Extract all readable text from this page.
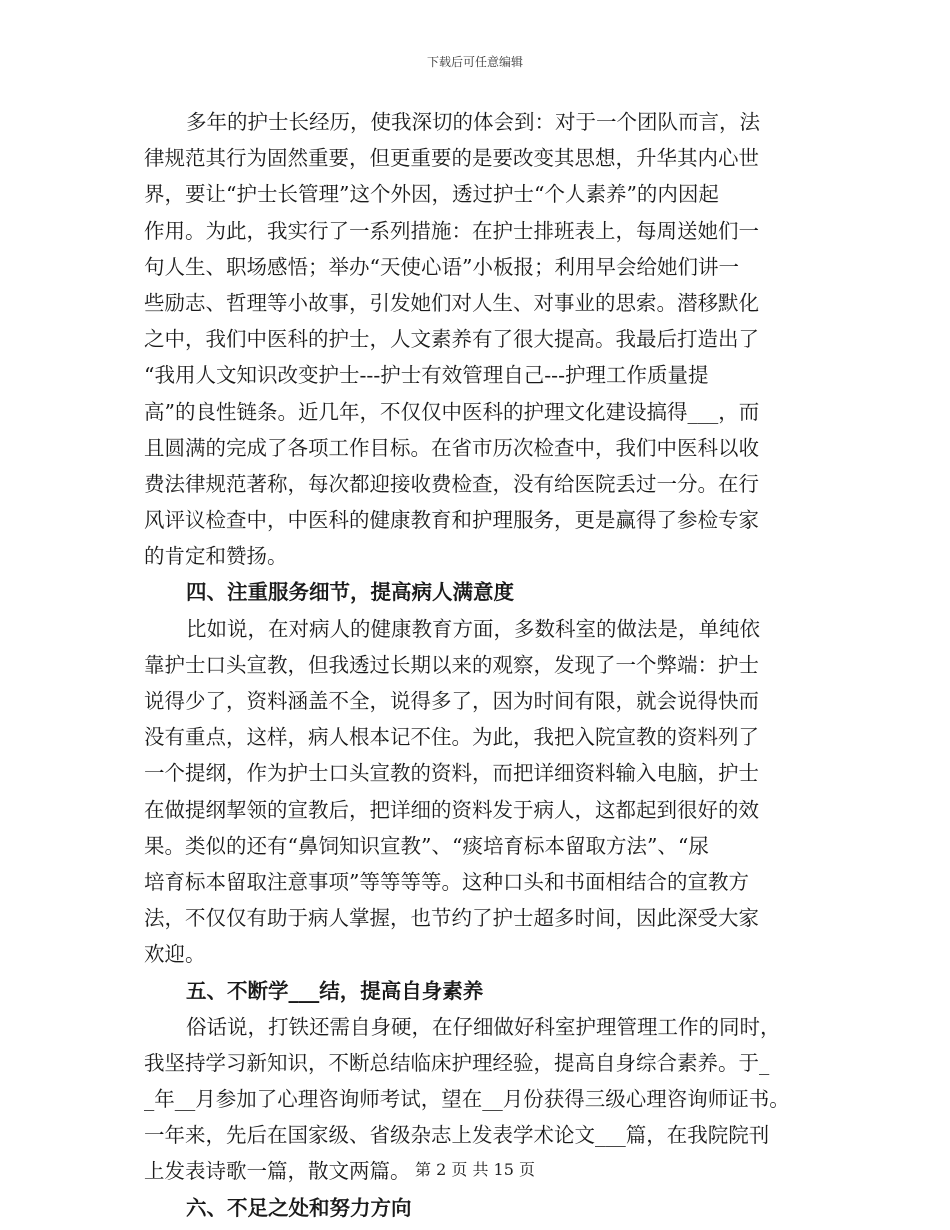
下载后可任意编辑
多年的护士长经历，使我深切的体会到：对于一个团队而言，法
律规范其行为固然重要，但更重要的是要改变其思想，升华其内心世
界，要让“护士长管理”这个外因，透过护士“个人素养”的内因起
作用。为此，我实行了一系列措施：在护士排班表上，每周送她们一
句人生、职场感悟；举办“天使心语”小板报；利用早会给她们讲一
些励志、哲理等小故事，引发她们对人生、对事业的思索。潜移默化
之中，我们中医科的护士，人文素养有了很大提高。我最后打造出了
“我用人文知识改变护士---护士有效管理自己---护理工作质量提
高”的良性链条。近几年，不仅仅中医科的护理文化建设搞得___，而
且圆满的完成了各项工作目标。在省市历次检查中，我们中医科以收
费法律规范著称，每次都迎接收费检查，没有给医院丢过一分。在行
风评议检查中，中医科的健康教育和护理服务，更是赢得了参检专家
的肯定和赞扬。
四、注重服务细节，提高病人满意度
比如说，在对病人的健康教育方面，多数科室的做法是，单纯依
靠护士口头宣教，但我透过长期以来的观察，发现了一个弊端：护士
说得少了，资料涵盖不全，说得多了，因为时间有限，就会说得快而
没有重点，这样，病人根本记不住。为此，我把入院宣教的资料列了
一个提纲，作为护士口头宣教的资料，而把详细资料输入电脑，护士
在做提纲挈领的宣教后，把详细的资料发于病人，这都起到很好的效
果。类似的还有“鼻饲知识宣教”、“痰培育标本留取方法”、“尿
培育标本留取注意事项”等等等等。这种口头和书面相结合的宣教方
法，不仅仅有助于病人掌握，也节约了护士超多时间，因此深受大家
欢迎。
五、不断学___结，提高自身素养
俗话说，打铁还需自身硬，在仔细做好科室护理管理工作的同时，
我坚持学习新知识，不断总结临床护理经验，提高自身综合素养。于_
_年__月参加了心理咨询师考试，望在__月份获得三级心理咨询师证书。
一年来，先后在国家级、省级杂志上发表学术论文___篇，在我院院刊
上发表诗歌一篇，散文两篇。
六、不足之处和努力方向
第 2 页 共 15 页
